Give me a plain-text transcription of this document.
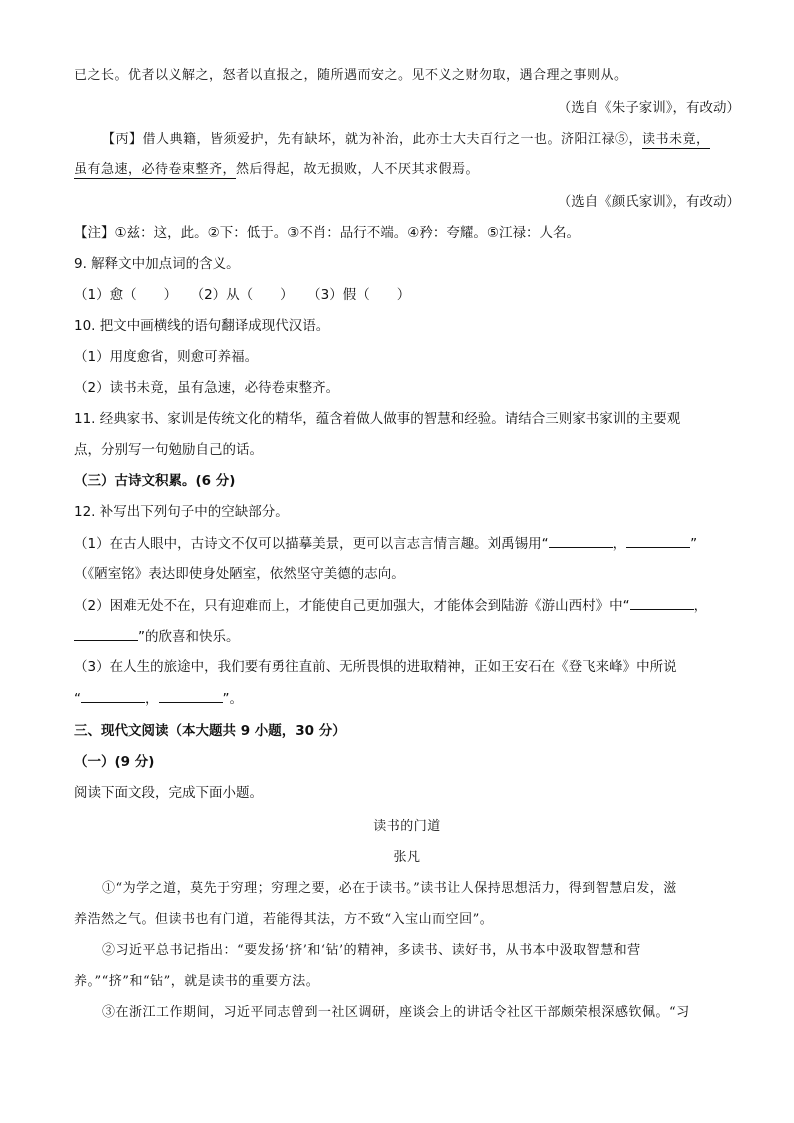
已之长。优者以义解之，怒者以直报之，随所遇而安之。见不义之财勿取，遇合理之事则从。
（选自《朱子家训》，有改动）
【丙】借人典籍，皆须爱护，先有缺坏，就为补治，此亦士大夫百行之一也。济阳江禄⑤，读书未竟，
虽有急速，必待卷束整齐，然后得起，故无损败，人不厌其求假焉。
（选自《颜氏家训》，有改动）
【注】①兹：这，此。②下：低于。③不肖：品行不端。④矜：夸耀。⑤江禄：人名。
9. 解释文中加点词的含义。
（1）愈（　　）　　（2）从（　　）　　（3）假（　　）
10. 把文中画横线的语句翻译成现代汉语。
（1）用度愈省，则愈可养福。
（2）读书未竟，虽有急速，必待卷束整齐。
11. 经典家书、家训是传统文化的精华，蕴含着做人做事的智慧和经验。请结合三则家书家训的主要观
点，分别写一句勉励自己的话。
（三）古诗文积累。(6 分)
12. 补写出下列句子中的空缺部分。
（1）在古人眼中，古诗文不仅可以描摹美景，更可以言志言情言趣。刘禹锡用“	，	”
（《陋室铭》表达即使身处陋室，依然坚守美德的志向。
（2）困难无处不在，只有迎难而上，才能使自己更加强大，才能体会到陆游《游山西村》中“	，
”的欣喜和快乐。
（3）在人生的旅途中，我们要有勇往直前、无所畏惧的进取精神，正如王安石在《登飞来峰》中所说
“	，	”。
三、现代文阅读（本大题共 9 小题，30 分）
（一）(9 分)
阅读下面文段，完成下面小题。
读书的门道
张凡
①“为学之道，莫先于穷理；穷理之要，必在于读书。”读书让人保持思想活力，得到智慧启发，滋
养浩然之气。但读书也有门道，若能得其法，方不致“入宝山而空回”。
②习近平总书记指出：“要发扬‘挤’和‘钻’的精神，多读书、读好书，从书本中汲取智慧和营
养。”“挤”和“钻”，就是读书的重要方法。
③在浙江工作期间，习近平同志曾到一社区调研，座谈会上的讲话令社区干部颇荣根深感钦佩。“习
